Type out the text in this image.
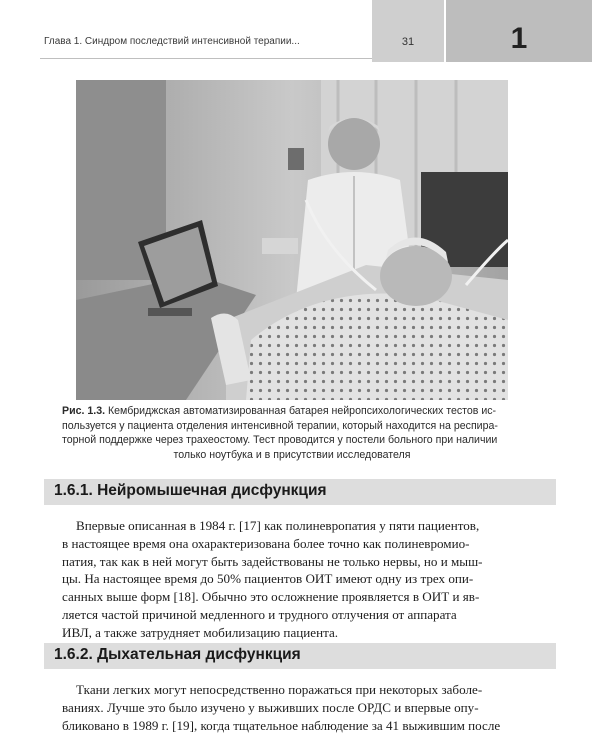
Глава 1. Синдром последствий интенсивной терапии...	31	1
Рис. 1.3. Кембриджская автоматизированная батарея нейропсихологических тестов ис-
пользуется у пациента отделения интенсивной терапии, который находится на респира-
торной поддержке через трахеостому. Тест проводится у постели больного при наличии

только ноутбука и в присутствии исследователя
1.6.1. Нейромышечная дисфункция
Впервые описанная в 1984 г. [17] как полиневропатия у пяти пациентов,
в настоящее время она охарактеризована более точно как полиневромио-
патия, так как в ней могут быть задействованы не только нервы, но и мыш-
цы. На настоящее время до 50% пациентов ОИТ имеют одну из трех опи-
санных выше форм [18]. Обычно это осложнение проявляется в ОИТ и яв-
ляется частой причиной медленного и трудного отлучения от аппарата
ИВЛ, а также затрудняет мобилизацию пациента.
1.6.2. Дыхательная дисфункция
Ткани легких могут непосредственно поражаться при некоторых заболе-
ваниях. Лучше это было изучено у выживших после ОРДС и впервые опу-
бликовано в 1989 г. [19], когда тщательное наблюдение за 41 выжившим после
